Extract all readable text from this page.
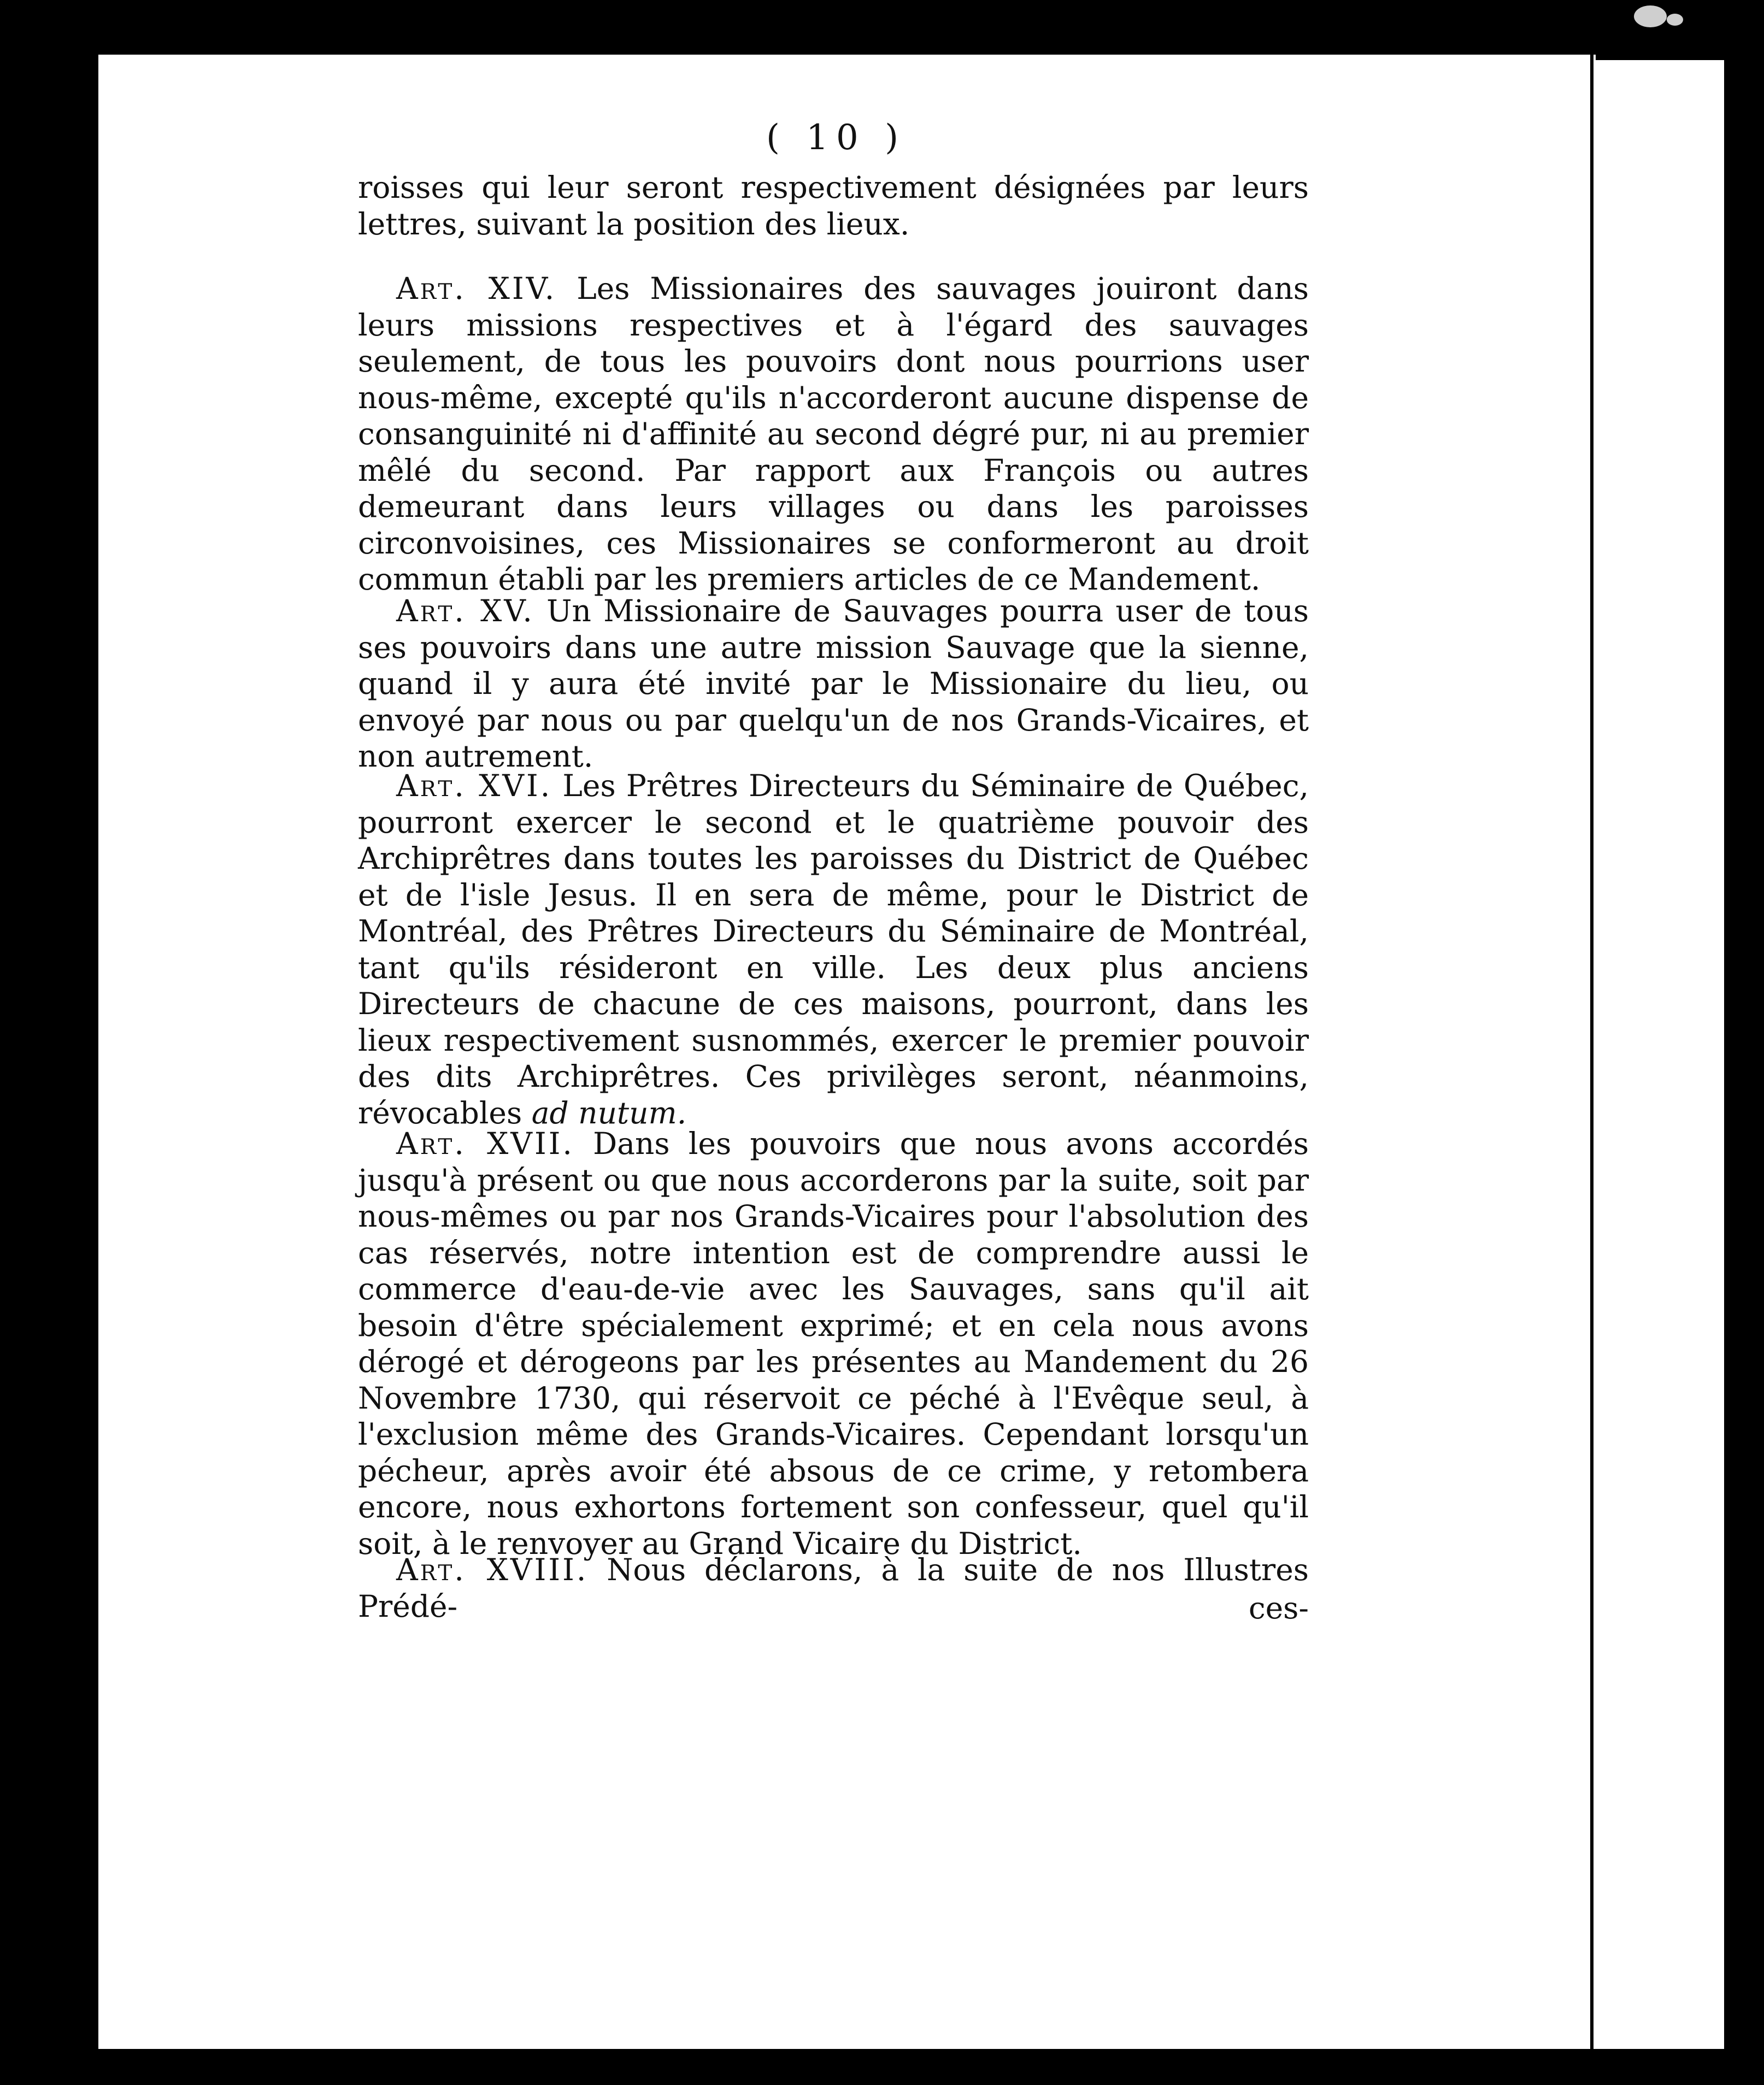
( 10 )

roisses qui leur seront respectivement désignées par leurs lettres, suivant la position des lieux.

Art. XIV. Les Missionaires des sauvages jouiront dans leurs missions respectives et à l'égard des sauvages seulement, de tous les pouvoirs dont nous pourrions user nous-même, excepté qu'ils n'accorderont aucune dispense de consanguinité ni d'affinité au second dégré pur, ni au premier mêlé du second. Par rapport aux François ou autres demeurant dans leurs villages ou dans les paroisses circonvoisines, ces Missionaires se conformeront au droit commun établi par les premiers articles de ce Mandement.

Art. XV. Un Missionaire de Sauvages pourra user de tous ses pouvoirs dans une autre mission Sauvage que la sienne, quand il y aura été invité par le Missionaire du lieu, ou envoyé par nous ou par quelqu'un de nos Grands-Vicaires, et non autrement.

Art. XVI. Les Prêtres Directeurs du Séminaire de Québec, pourront exercer le second et le quatrième pouvoir des Archiprêtres dans toutes les paroisses du District de Québec et de l'isle Jesus. Il en sera de même, pour le District de Montréal, des Prêtres Directeurs du Séminaire de Montréal, tant qu'ils résideront en ville. Les deux plus anciens Directeurs de chacune de ces maisons, pourront, dans les lieux respectivement susnommés, exercer le premier pouvoir des dits Archiprêtres. Ces privilèges seront, néanmoins, révocables ad nutum.

Art. XVII. Dans les pouvoirs que nous avons accordés jusqu'à présent ou que nous accorderons par la suite, soit par nous-mêmes ou par nos Grands-Vicaires pour l'absolution des cas réservés, notre intention est de comprendre aussi le commerce d'eau-de-vie avec les Sauvages, sans qu'il ait besoin d'être spécialement exprimé; et en cela nous avons dérogé et dérogeons par les présentes au Mandement du 26 Novembre 1730, qui réservoit ce péché à l'Evêque seul, à l'exclusion même des Grands-Vicaires. Cependant lorsqu'un pécheur, après avoir été absous de ce crime, y retombera encore, nous exhortons fortement son confesseur, quel qu'il soit, à le renvoyer au Grand Vicaire du District.

Art. XVIII. Nous déclarons, à la suite de nos Illustres Prédé-	ces-
